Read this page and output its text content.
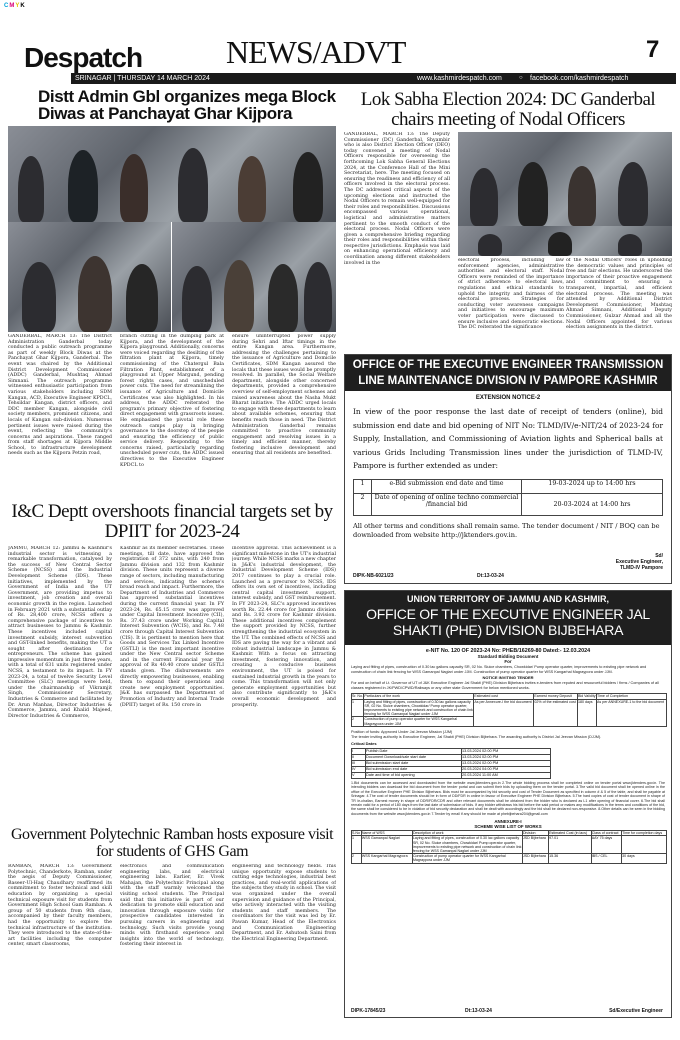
CMYK
Despatch	NEWS/ADVT	7
SRINAGAR | THURSDAY 14 MARCH 2024	www.kashmirdespatch.com	○ facebook.com/kashmirdespatch
Distt Admin Gbl organizes mega Block Diwas at Panchayat Ghar Kijpora
GANDERBAL, MARCH 13: The District Administration Ganderbal today conducted a public outreach programme as part of weekly Block Diwas at the Panchayat Ghar Kijpora, Ganderbal. The event was chaired by the Additional District Development Commissioner (ADDC) Ganderbal, Mushtaq Ahmad Simnani. The outreach programme witnessed enthusiastic participation from various stakeholders including SDM Kangan, ACD, Executive Engineer KPDCL, Tehsildar Kangan, district officers, and DDC member Kangan, alongside civil society members, prominent citizens, and locals of Kangan sub-division. Numerous pertinent issues were raised during the event, reflecting the community's concerns and aspirations. These ranged from staff shortages at Kijpora Middle School, to infrastructure development needs such as the Kijpora Petzin road,
branch cutting in the dumping park at Kijpora, and the development of the Kijpora playground. Additionally, concerns were voiced regarding the desilting of the filtration plant at Kijpora, timely commissioning of the Chatergul Bala Filtration Plant, establishment of a playground at Upper Margund, pending forest rights cases, and unscheduled power cuts. The need for streamlining the issuance of Agriculture and Domicile Certificates was also highlighted. In his address, the ADDC reiterated the program's primary objective of fostering direct engagement with grassroots issues. He emphasized the pivotal role these outreach camps play in bringing governance to the doorstep of the people and ensuring the efficiency of public service delivery. Responding to the concerns raised, particularly regarding unscheduled power cuts, the ADDC issued directives to the Executive Engineer KPDCL to
ensure uninterrupted power supply during Sehri and Iftar timings in the entire Kangan area. Furthermore, addressing the challenges pertaining to the issuance of Agriculture and Domicile Certificates, SDM Kangan assured the locals that these issues would be promptly resolved. In parallel, the Social Welfare department, alongside other concerned departments, provided a comprehensive overview of self-employment schemes and raised awareness about the Nasha Mukt Bharat initiative. The ADDC urged locals to engage with these departments to learn about available schemes, ensuring that benefits reach those in need. The District Administration Ganderbal remains committed to proactive community engagement and resolving issues in a timely and efficient manner, thereby fostering inclusive development and ensuring that all residents are benefited.
Lok Sabha Election 2024: DC Ganderbal chairs meeting of Nodal Officers
GANDERBAL, MARCH 13: The Deputy Commissioner (DC) Ganderbal, Shyambir who is also District Election Officer (DEO) today convened a meeting of Nodal Officers responsible for overseeing the forthcoming Lok Sabha General Elections 2024, at the Conference Hall of the Mini Secretariat, here. The meeting focused on ensuring the readiness and efficiency of all officers involved in the electoral process. The DC addressed critical aspects of the upcoming elections and instructed the Nodal Officers to remain well-equipped for their roles and responsibilities. Discussions encompassed various operational, logistical and administrative matters pertinent to the smooth conduct of the electoral process. Nodal Officers were given a comprehensive briefing regarding their roles and responsibilities within their respective jurisdictions. Emphasis was laid on enhancing operational efficiency and coordination among different stakeholders involved in the
electoral process, including law enforcement agencies, administrative authorities and electoral staff. Nodal Officers were reminded of the importance of strict adherence to electoral laws, regulations and ethical standards to uphold the integrity and fairness of the electoral process. Strategies for conducting voter awareness campaigns and initiatives to encourage maximum voter participation were discussed to ensure inclusive and democratic elections. The DC reiterated the significance
of the Nodal Officers' roles in upholding the democratic values and principles of free and fair elections. He underscored the importance of their proactive engagement and commitment to ensuring a transparent, impartial, and efficient electoral process. The meeting was attended by Additional District Development Commissioner, Mushtaq Ahmad Simnani, Additional Deputy Commissioner, Gulzar Ahmad and all the Nodal Officers appointed for various election assignments in the district.
OFFICE OF THE EXECUTIVE ENGINEER TRANSMISSION LINE MAINTENANCE DIVISION IV PAMPORE KASHMIR
EXTENSION NOTICE-2
In view of the poor response the last date of receipt of tenders (online), bid submission end date and bid opening of NIT No: TLMD/IV/e-NIT/24 of 2023-24 for Supply, Installation, and Commissioning of Aviation lights and Spherical balls at various Grids Including Transmission lines under the jurisdiction of TLMD-IV, Pampore is further extended as under:
1	e-Bid submission end date and time	19-03-2024 up to 14:00 hrs
2	Date of opening of online techno commercial /financial bid	20-03-2024 at 14:00 hrs
All other terms and conditions shall remain same. The tender document / NIT / BOQ can be downloaded from website http://jktenders.gov.in.
Sd/
Executive Engineer,
TLMD-IV Pampore
DIPK-NB-6021/23	Dt:13-03-24
I&C Deptt overshoots financial targets set by DPIIT for 2023-24
JAMMU, MARCH 12: Jammu & Kashmir's industrial sector is witnessing a remarkable transformation, catalysed by the success of New Central Sector Scheme (NCSS) and the Industrial Development Scheme (IDS). These initiatives, implemented by the Government of India and the UT Government, are providing impetus to investment, job creation and overall economic growth in the region. Launched in February 2021 with a substantial outlay of Rs. 28,400 crore, NCSS offers a comprehensive package of incentives to attract businesses to Jammu & Kashmir. These incentives included capital investment subsidy, interest subvention and GST-linked benefits, making the UT a sought after destination for entrepreneurs. The scheme has gained impressive momentum in just three years, with a total of 631 units registered under NCSS, a testament to its impact. In FY 2023-24, a total of twelve Security Level Committee (SLC) meetings were held, under the chairmanship of Vikramjit Singh, Commissioner Secretary, Industries & Commerce and facilitated by Dr. Arun Manhas, Director Industries & Commerce, Jammu, and Khalid Majeed, Director Industries & Commerce,
Kashmir as its member secretaries. These meetings, till date, have approved the registration of 372 units, with 240 from Jammu division and 132 from Kashmir division. These units represent a diverse range of sectors, including manufacturing and services, indicating the scheme's broad reach and impact. Furthermore, the Department of Industries and Commerce has approved substantial incentives during the current financial year. In FY 2023-24, Rs. 65.15 crore was approved under Capital Investment Incentive (CII), Rs. 37.43 crore under Working Capital Interest Subvention (WCIS), and Rs. 7.48 crore through Capital Interest Subvention (CIS). It is pertinent to mention here that Goods and Services Tax Linked Incentive (GSTLI) is the most important incentive under the New Central sector Scheme and in the current Financial year the approval of Rs 40.40 crore under GSTLI stands given. The disbursements are directly empowering businesses, enabling them to expand their operations and create new employment opportunities. J&K has surpassed the Department of Promotion of Industry and Internal Trade (DPIIT) target of Rs. 150 crore in
incentive approval. This achievement is a significant milestone in the UT's industrial journey. While NCSS marks a new chapter in J&K's industrial development, the Industrial Development Scheme (IDS) 2017 continues to play a crucial role. Launched as a precursor to NCSS, IDS offers its own set of incentives, including central capital investment support, interest subsidy, and GST reimbursement. In FY 2023-24, SLC's approved incentives worth Rs. 22.44 crore for Jammu division and Rs. 3.92 crore for Kashmir division. These additional incentives complement the support provided by NCSS, further strengthening the industrial ecosystem in the UT. The combined effects of NCSS and IDS are paving the way for a vibrant and robust industrial landscape in Jammu & Kashmir. With a focus on attracting investment, fostering innovation, and creating a conducive business environment, the UT is poised for sustained industrial growth in the years to come. This transformation will not only generate employment opportunities but also contribute significantly to J&K's overall economic development and prosperity.
Government Polytechnic Ramban hosts exposure visit for students of GHS Gam
RAMBAN, MARCH 13: Government Polytechnic, Chanderkote, Ramban, under the aegis of Deputy Commissioner, Baseer-Ul-Haq Chaudhary reaffirmed its commitment to foster technical and skill education by organizing a special technical exposure visit for students from Government High School Gam Ramban. A group of 50 students from 9th class, accompanied by their faculty members, had the opportunity to explore the technical infrastructure of the institution. They were introduced to the state-of-the-art facilities including the computer center, smart classrooms,
electronics and communication engineering labs, and electrical engineering labs. Earlier, Er. Vivek Mahajan, the Polytechnic Principal along with the staff warmly welcomed the visiting school students. The Principal said that this initiative is part of our dedication to promote skill education and innovation through exposure visits for prospective candidates interested in pursuing careers in engineering and technology. Such visits provide young minds with firsthand experience and insights into the world of technology, fostering their interest in
engineering and technology fields. This unique opportunity expose students to cutting edge technologies, industrial best practices, and real-world applications of the subjects they study in school. The visit was organized under the overall supervision and guidance of the Principal, who actively interacted with the visiting students and staff members. The coordinators for the visit was led by Er. Pawan Kumar, Head of the Electronics and Communication Engineering Department, and Er. Ashutosh Saini from the Electrical Engineering Department.
UNION TERRITORY OF JAMMU AND KASHMIR,
OFFICE OF THE EXECUTIVE ENGINEER JAL SHAKTI (PHE) DIVISION BIJBEHARA
e-NIT No. 120 OF 2023-24 No: PHEB/16269-80 Dated:- 12.03.2024
Standard Bidding Document
For
Laying and fitting of pipes, construction of 0.30 lac gallons capacity SR, 02 No. Sluice chambers, Chowkidar/ Pump operator quarter, improvements to existing pipe network and construction of chain link fencing for WSS Gamanpal Naglari under JJM. Construction of pump operator quarter for WSS Kangarhal Magraypora under JJM.
NOTICE INVITING TENDER
For and on behalf of Lt. Governor of UT of J&K Executive Engineer Jal Shakti (PHE) Division Bijbehara invites e-tenders from reputed and resourceful bidders / firms / Companies of all classes registered in JK/PWD/CPWD/Railways or any other state Government for below mentioned works.
Sr. No.	Particulars of the work	Estimated cost	Earnest money Deposit	Bid Validity	Time of Completion
1	Laying and fitting of pipes, construction of 0.30 lac gallons capacity SR, 02 No. Sluice chambers, Chowkidar/ Pump operator quarter, improvements to existing pipe network and construction of chain link fencing for WSS Gamanpal Naglari under JJM	As per Annexure-I the bid document	02% of the estimated cost	180 days	As per ANNEXURE-1 to the bid document
2	Construction of pump operator quarter for WSS Kangarhal Magraypora under JJM				
Position of funds: Approved Under Jal Jeevan Mission (JJM)
The tender inviting authority is Executive Engineer, Jal Shakti (PHE) Division Bijbehara. The awarding authority is District Jal Jeevan Mission (DJJM).
Critical Dates
I	Publish Date	13.03.2024 02:00 PM
II	Document Download/sale start date	13.03.2024 02:00 PM
III	Bid submission start date	13.03.2024 02:00 PM
IV	Bid submission end date	20.03.2024 04:00 PM
V	Date and time of bid opening	20.03.2024 11:00 AM
1.Bid documents can be accessed and downloaded from the website www.jktenders.gov.in 2.The whole bidding process shall be completed online on tender portal www.jktenders.gov.in. The intending bidders can download the bid document from the tender portal and can submit their bids by uploading them on the tender portal. 3.The valid bid document shall be opened online in the office of the Executive Engineer PHE Division Bijbehara. Bids must be accompanied by bid security and cost of Tender Document as specified in column # & 5 of the table, and shall be payable at Srinagar. 4.The cost of tender documents should be in form of DD/FDR in online in favour of Executive Engineer PHE Division Bijbehara. 5.The hard copies of cost of tender document in shape of TR /e-challan, Earnest money in shape of DDR/FDR/CDR and other relevant documents shall be obtained from the bidder who is declared as L1 after opening of financial cover. 6.The bid shall remain valid for a period of 180 days from the last date of submission of bids. If any bidder withdraws his bid before the said period or makes any modifications in the terms and conditions of the bid, the same shall be considered to be in violation of bid security declaration and shall be dealt with accordingly and the bid shall be declared non-responsive. 8.Other details can be seen in the bidding documents from the website www.jktenders.gov.in 7.Tender by email if any should be made at phebijbehara204@gmail.com
ANNEXURE-I
SCHEME WISE LIST OF WORKS
S.No	Name of WSS	Description of work	Division	Estimated Cost (in lacs)	Class of contract	Time for completion days
1	WSS Gamanpal Naglari	Laying and fitting of pipes, construction of 0.30 lac gallons capacity SR, 02 No. Sluice chambers, Chowkidar/ Pump operator quarter, improvements to existing pipe network and construction of chain link fencing for WSS Gamanpal Naglari under JJM	JSD Bijbehara	97.01	AAY 75 days	
2	WSS Kangarhal Magraypora	Construction of pump operator quarter for WSS Kangarhal Magraypora under JJM	JSD Bijbehara	15.36	IBS / CEL	30 days
DIPK-17845/23	Dt:13-03-24	Sd/Executive Engineer
